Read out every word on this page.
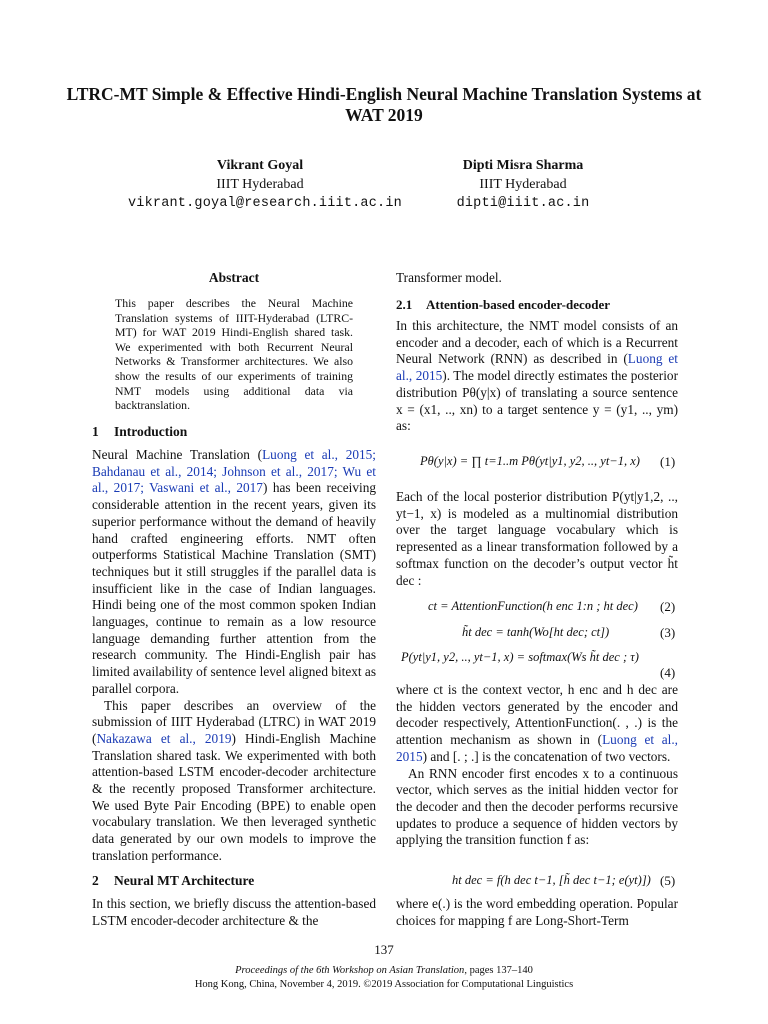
LTRC-MT Simple & Effective Hindi-English Neural Machine Translation Systems at WAT 2019
Vikrant Goyal
IIIT Hyderabad
vikrant.goyal@research.iiit.ac.in
Dipti Misra Sharma
IIIT Hyderabad
dipti@iiit.ac.in
Abstract
This paper describes the Neural Machine Translation systems of IIIT-Hyderabad (LTRC-MT) for WAT 2019 Hindi-English shared task. We experimented with both Recurrent Neural Networks & Transformer architectures. We also show the results of our experiments of training NMT models using additional data via backtranslation.
1 Introduction

Neural Machine Translation (Luong et al., 2015; Bahdanau et al., 2014; Johnson et al., 2017; Wu et al., 2017; Vaswani et al., 2017) has been receiving considerable attention in the recent years, given its superior performance without the demand of heavily hand crafted engineering efforts. NMT often outperforms Statistical Machine Translation (SMT) techniques but it still struggles if the parallel data is insufficient like in the case of Indian languages. Hindi being one of the most common spoken Indian languages, continue to remain as a low resource language demanding further attention from the research community. The Hindi-English pair has limited availability of sentence level aligned bitext as parallel corpora.

This paper describes an overview of the submission of IIIT Hyderabad (LTRC) in WAT 2019 (Nakazawa et al., 2019) Hindi-English Machine Translation shared task. We experimented with both attention-based LSTM encoder-decoder architecture & the recently proposed Transformer architecture. We used Byte Pair Encoding (BPE) to enable open vocabulary translation. We then leveraged synthetic data generated by our own models to improve the translation performance.

2 Neural MT Architecture
In this section, we briefly discuss the attention-based LSTM encoder-decoder architecture & the
Transformer model.
2.1 Attention-based encoder-decoder

In this architecture, the NMT model consists of an encoder and a decoder, each of which is a Recurrent Neural Network (RNN) as described in (Luong et al., 2015). The model directly estimates the posterior distribution Pθ(y|x) of translating a source sentence x = (x1, .., xn) to a target sentence y = (y1, .., ym) as:

Pθ(y|x) = ∏ t=1..m Pθ(yt|y1, y2, .., yt−1, x) (1)
Each of the local posterior distribution P(yt|y1,2, .., yt−1, x) is modeled as a multinomial distribution over the target language vocabulary which is represented as a linear transformation followed by a softmax function on the decoder’s output vector h̃t dec :
ct = AttentionFunction(h enc 1:n ; ht dec) (2)
h̃t dec = tanh(Wo[ht dec; ct])	(3)
P(yt|y1, y2, .., yt−1, x) = softmax(Ws h̃t dec ; τ)
(4)

where ct is the context vector, h enc and h dec are the hidden vectors generated by the encoder and decoder respectively, AttentionFunction(. , .) is the attention mechanism as shown in (Luong et al., 2015) and [. ; .] is the concatenation of two vectors.

An RNN encoder first encodes x to a continuous vector, which serves as the initial hidden vector for the decoder and then the decoder performs recursive updates to produce a sequence of hidden vectors by applying the transition function f as:

ht dec = f(h dec t−1, [h̃ dec t−1; e(yt)]) (5)
where e(.) is the word embedding operation. Popular choices for mapping f are Long-Short-Term
137
Proceedings of the 6th Workshop on Asian Translation, pages 137–140
Hong Kong, China, November 4, 2019. ©2019 Association for Computational Linguistics
